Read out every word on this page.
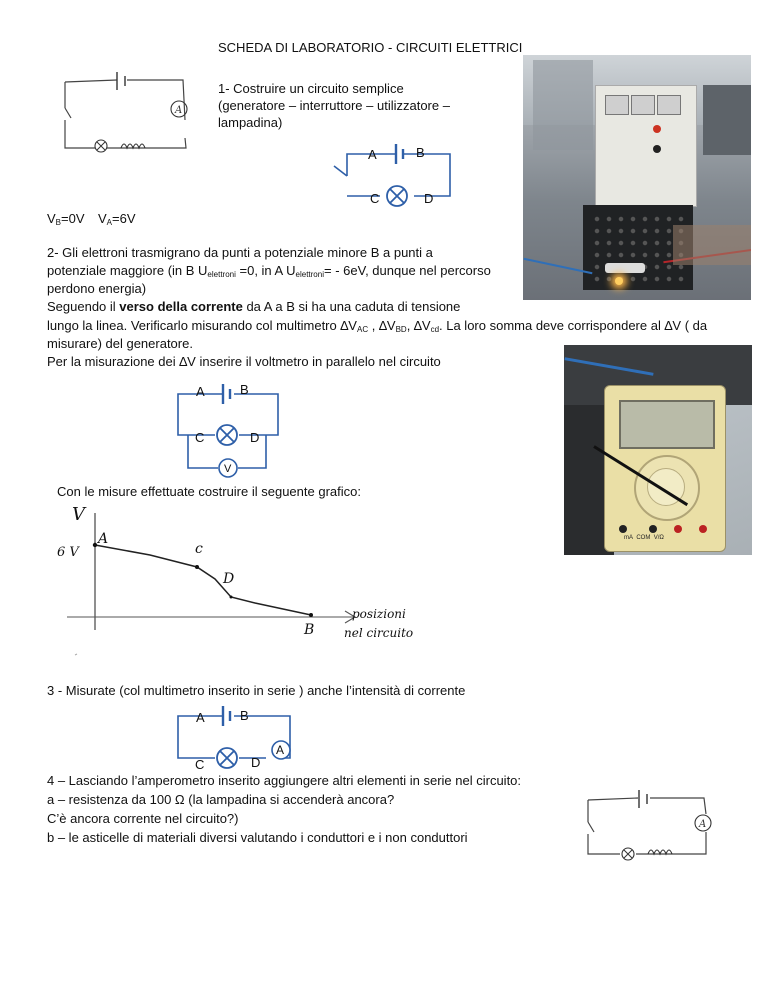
SCHEDA DI LABORATORIO - CIRCUITI ELETTRICI
1- Costruire un circuito semplice
(generatore – interruttore – utilizzatore –
lampadina)
A
A	B
C	D
$V_B=0V$ $V_A=6V$
2- Gli elettroni trasmigrano da punti a potenziale minore B a punti a
potenziale maggiore (in B $U_{elettroni} =0$, in A $U_{elettroni}= - 6eV$, dunque nel percorso
perdono energia)
Seguendo il verso della corrente da A a B si ha una caduta di tensione
lungo la linea. Verificarlo misurando col multimetro $\Delta V_{AC}$ , $\Delta V_{BD}$, $\Delta V_{cd}$. La loro somma deve corrispondere al ∆V ( da
misurare) del generatore.
Per la misurazione dei ∆V inserire il voltmetro in parallelo nel circuito
A	B
C	D
V
mA COM V/Ω
Con le misure effettuate costruire il seguente grafico:
V
6 V
A
c
D
B
posizioni
nel circuito
3 - Misurate (col multimetro inserito in serie ) anche l’intensità di corrente
A	B
C	D
A
4 – Lasciando l’amperometro inserito aggiungere altri elementi in serie nel circuito:
a – resistenza da 100 Ω (la lampadina si accenderà ancora?
C’è ancora corrente nel circuito?)
b – le asticelle di materiali diversi valutando i conduttori e i non conduttori
A
